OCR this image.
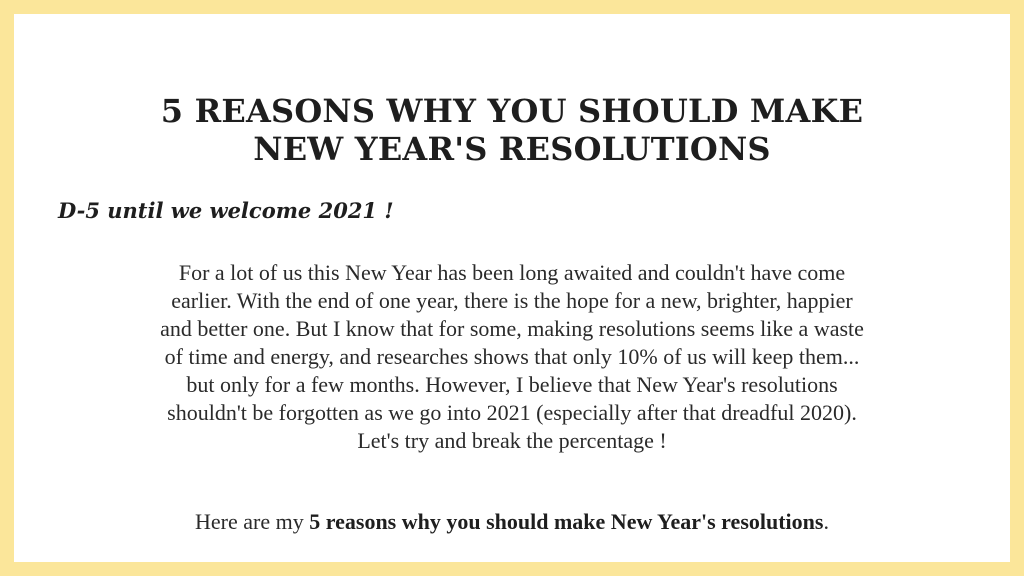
5 REASONS WHY YOU SHOULD MAKE
NEW YEAR'S RESOLUTIONS

D-5 until we welcome 2021 !

For a lot of us this New Year has been long awaited and couldn't have come
earlier. With the end of one year, there is the hope for a new, brighter, happier
and better one. But I know that for some, making resolutions seems like a waste
of time and energy, and researches shows that only 10% of us will keep them...
but only for a few months. However, I believe that New Year's resolutions
shouldn't be forgotten as we go into 2021 (especially after that dreadful 2020).
Let's try and break the percentage !

Here are my 5 reasons why you should make New Year's resolutions.
